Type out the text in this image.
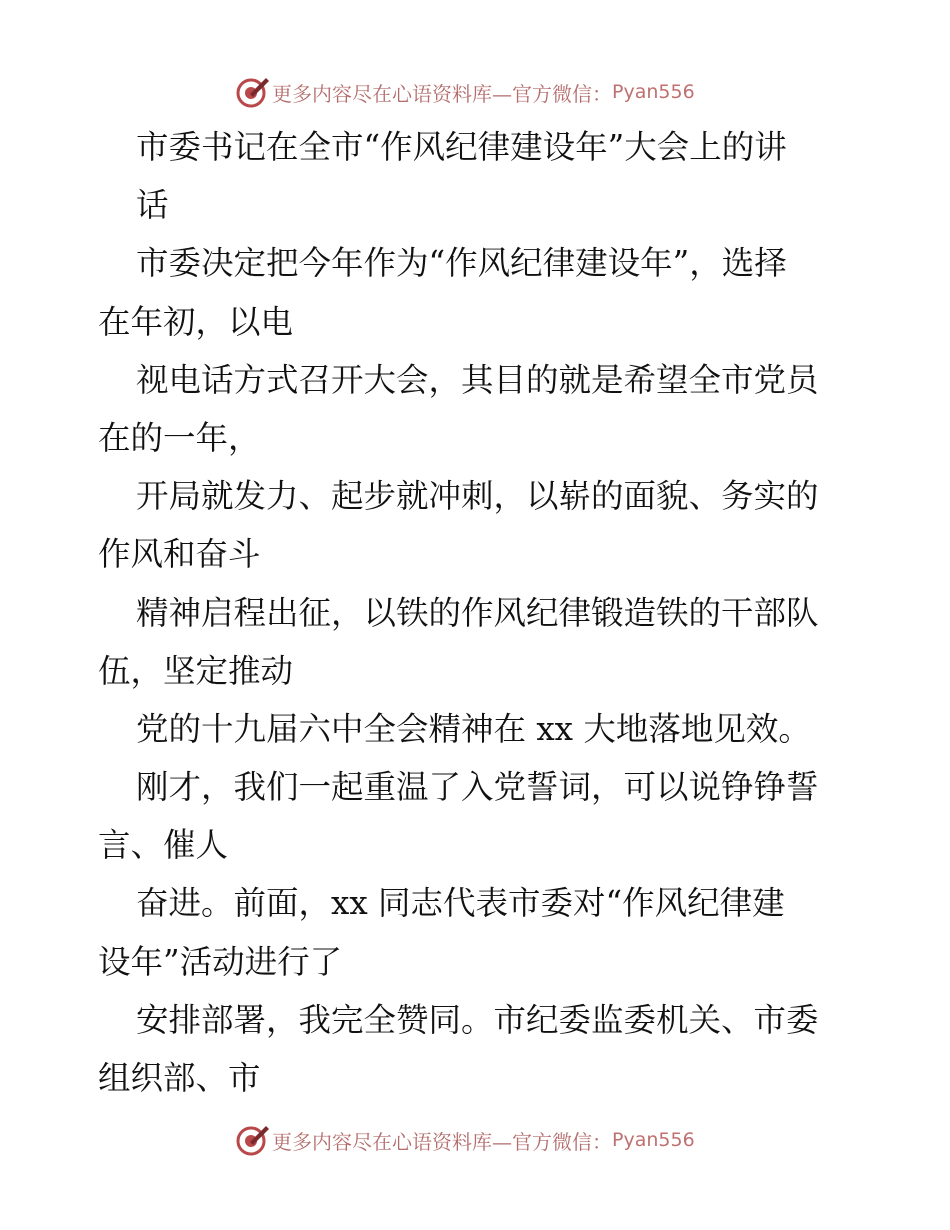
更多内容尽在心语资料库—官方微信： Pyan556
市委书记在全市“作风纪律建设年”大会上的讲
话
市委决定把今年作为“作风纪律建设年”，选择
在年初，以电
视电话方式召开大会，其目的就是希望全市党员
在的一年，
开局就发力、起步就冲刺，以崭的面貌、务实的
作风和奋斗
精神启程出征，以铁的作风纪律锻造铁的干部队
伍，坚定推动
党的十九届六中全会精神在 xx 大地落地见效。
刚才，我们一起重温了入党誓词，可以说铮铮誓
言、催人
奋进。前面，xx 同志代表市委对“作风纪律建
设年”活动进行了
安排部署，我完全赞同。市纪委监委机关、市委
组织部、市
更多内容尽在心语资料库—官方微信： Pyan556
